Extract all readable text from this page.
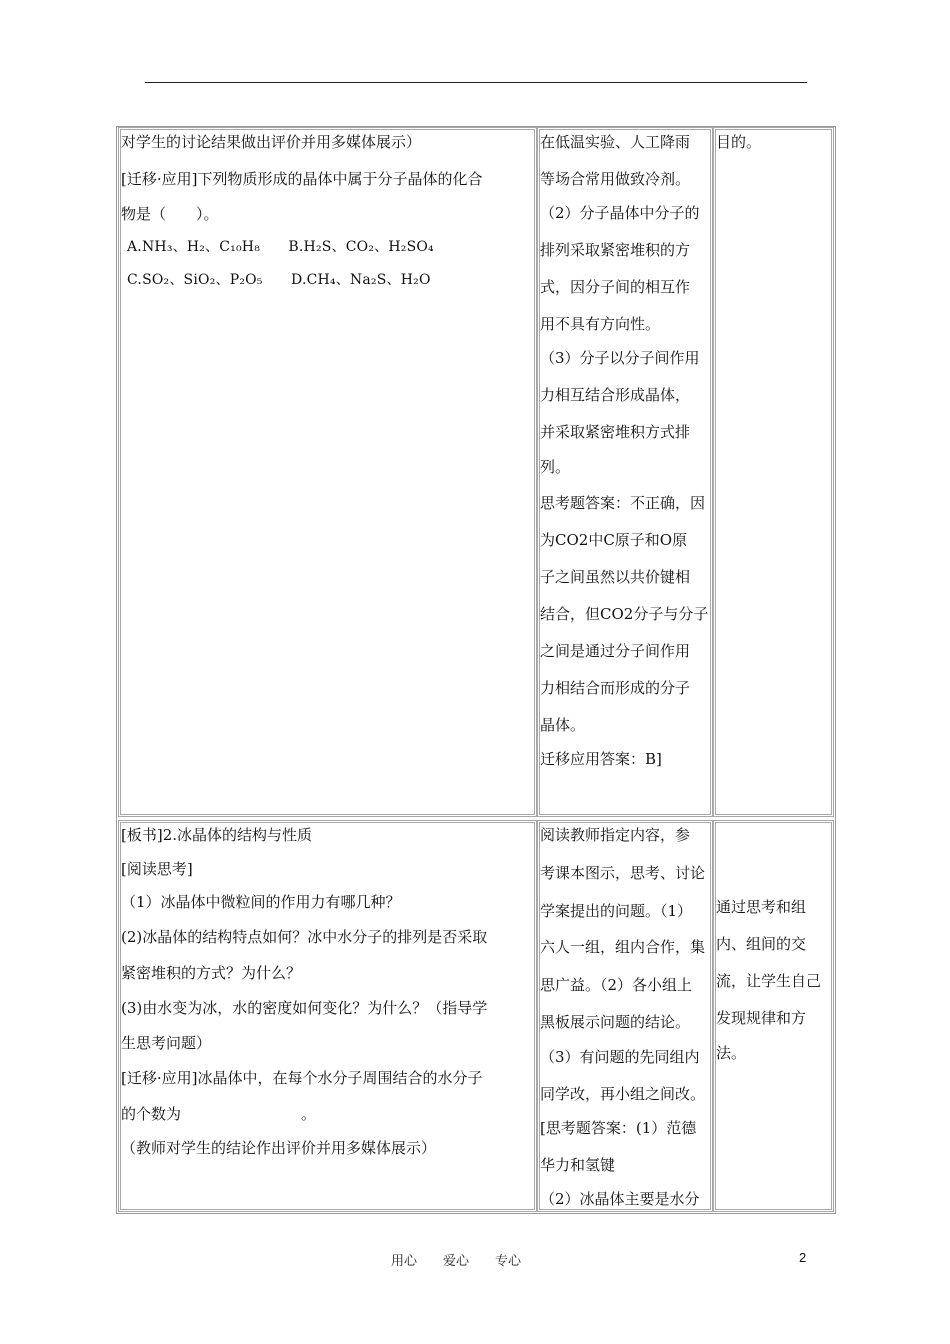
对学生的讨论结果做出评价并用多媒体展示）
[迁移·应用]下列物质形成的晶体中属于分子晶体的化合
物是（　　）。
A.NH₃、H₂、C₁₀H₈　　B.H₂S、CO₂、H₂SO₄
C.SO₂、SiO₂、P₂O₅　　D.CH₄、Na₂S、H₂O
在低温实验、人工降雨
等场合常用做致冷剂。
（2）分子晶体中分子的
排列采取紧密堆积的方
式，因分子间的相互作
用不具有方向性。
（3）分子以分子间作用
力相互结合形成晶体，
并采取紧密堆积方式排
列。
思考题答案：不正确，因
为CO2中C原子和O原
子之间虽然以共价键相
结合，但CO2分子与分子
之间是通过分子间作用
力相结合而形成的分子
晶体。
迁移应用答案：B]
目的。
[板书]2.冰晶体的结构与性质
[阅读思考]
（1）冰晶体中微粒间的作用力有哪几种？
(2)冰晶体的结构特点如何？冰中水分子的排列是否采取
紧密堆积的方式？为什么？
(3)由水变为冰，水的密度如何变化？为什么？（指导学
生思考问题）
[迁移·应用]冰晶体中，在每个水分子周围结合的水分子
的个数为　　　　　　　　。
（教师对学生的结论作出评价并用多媒体展示）
阅读教师指定内容，参
考课本图示，思考、讨论
学案提出的问题。（1）
六人一组，组内合作，集
思广益。（2）各小组上
黑板展示问题的结论。
（3）有问题的先同组内
同学改，再小组之间改。
[思考题答案：(1）范德
华力和氢键
（2）冰晶体主要是水分
通过思考和组
内、组间的交
流，让学生自己
发现规律和方
法。
用心　　爱心　　专心	2
